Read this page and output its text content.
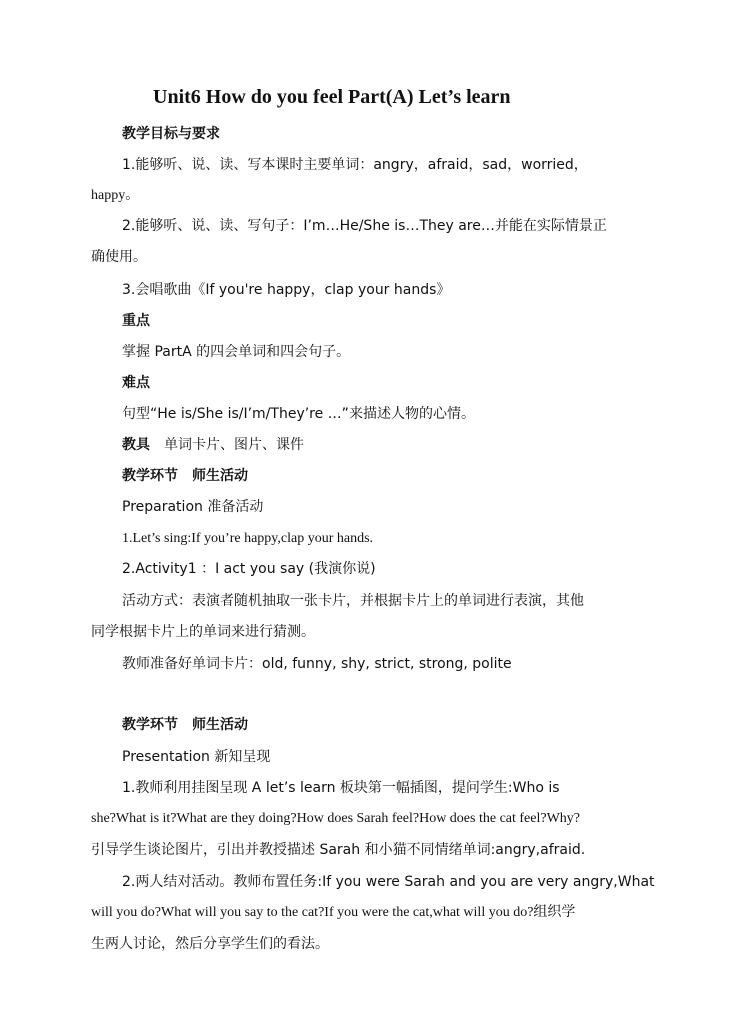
Unit6 How do you feel Part(A) Let’s learn
教学目标与要求
1.能够听、说、读、写本课时主要单词：angry，afraid，sad，worried，
happy。
2.能够听、说、读、写句子：I’m…He/She is…They are…并能在实际情景正
确使用。
3.会唱歌曲《If you're happy，clap your hands》
重点
掌握 PartA 的四会单词和四会句子。
难点
句型“He is/She is/I’m/They’re …”来描述人物的心情。
教具 单词卡片、图片、课件
教学环节 师生活动
Preparation 准备活动
1.Let’s sing:If you’re happy,clap your hands.
2.Activity1 ：I act you say (我演你说)
活动方式：表演者随机抽取一张卡片，并根据卡片上的单词进行表演，其他
同学根据卡片上的单词来进行猜测。
教师准备好单词卡片：old, funny, shy, strict, strong, polite
教学环节 师生活动
Presentation 新知呈现
1.教师利用挂图呈现 A let’s learn 板块第一幅插图，提问学生:Who is
she?What is it?What are they doing?How does Sarah feel?How does the cat feel?Why?
引导学生谈论图片，引出并教授描述 Sarah 和小猫不同情绪单词:angry,afraid.
2.两人结对活动。教师布置任务:If you were Sarah and you are very angry,What
will you do?What will you say to the cat?If you were the cat,what will you do?组织学
生两人讨论，然后分享学生们的看法。
